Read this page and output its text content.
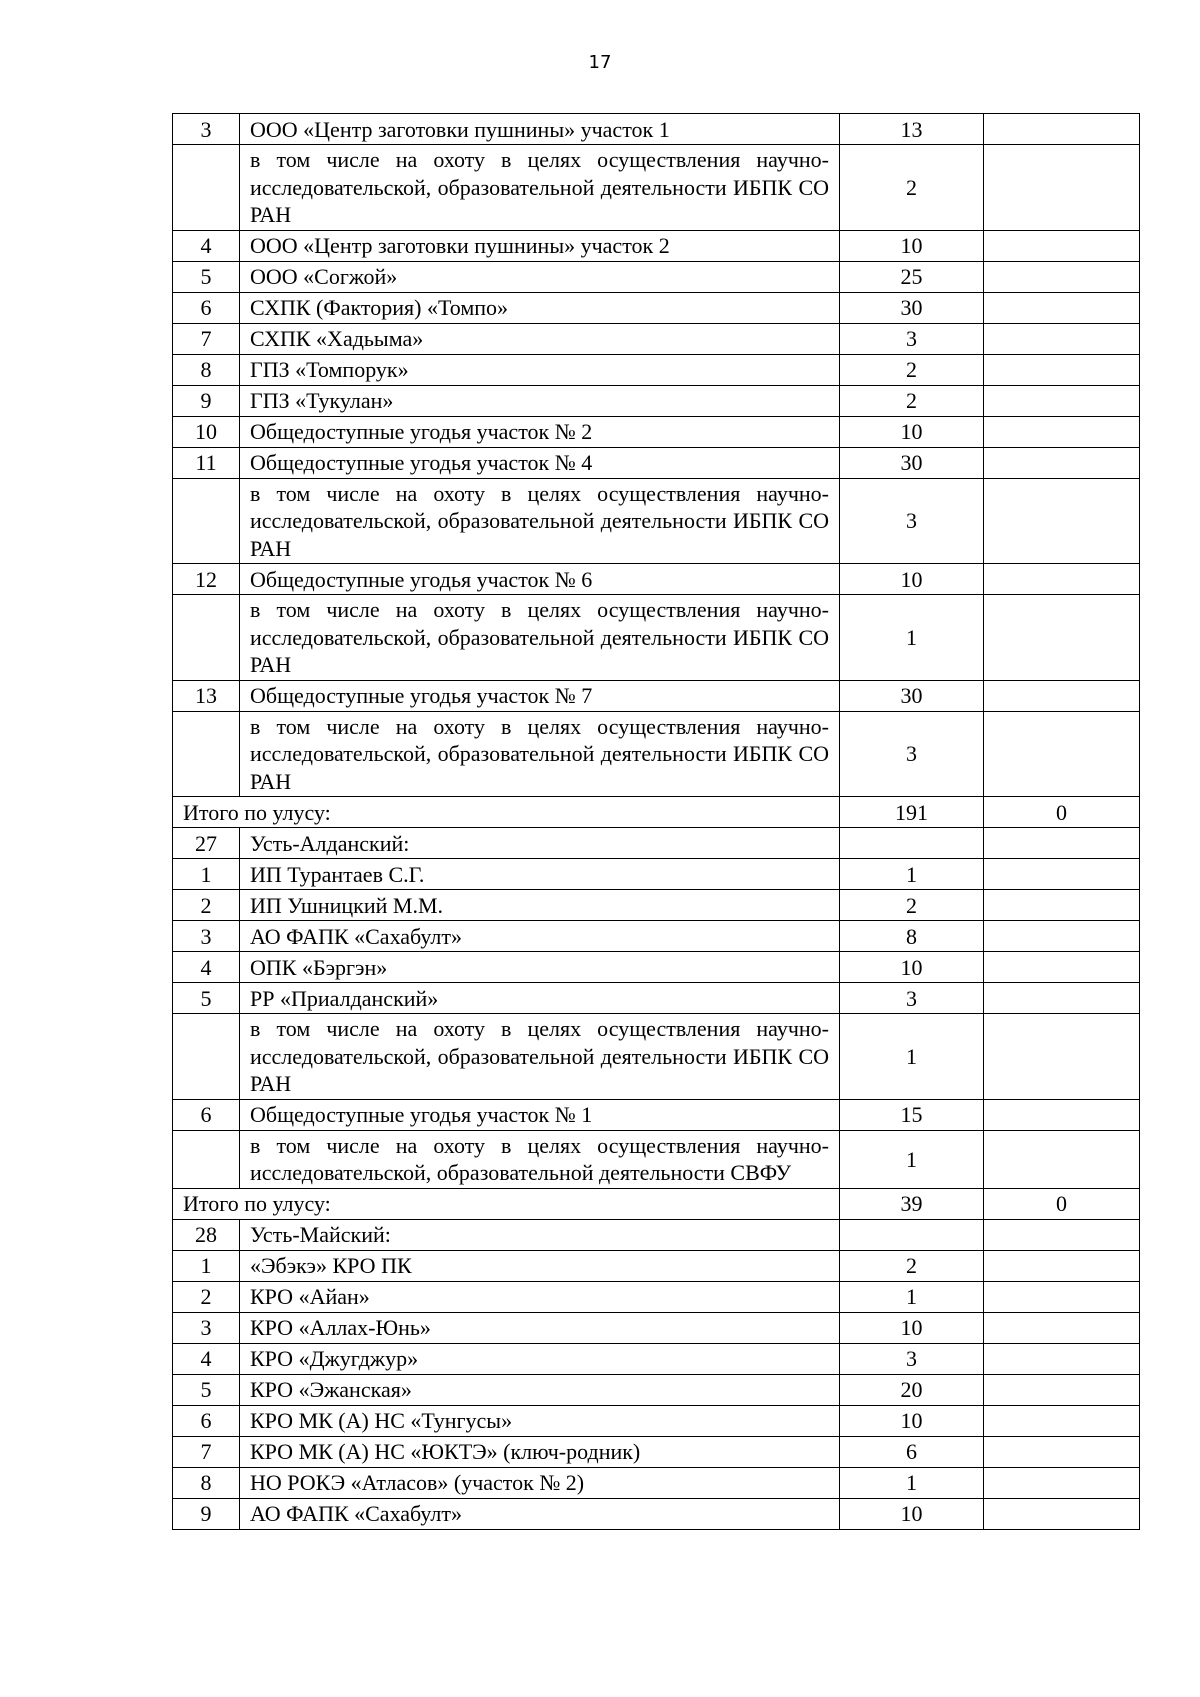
17
3	ООО «Центр заготовки пушнины» участок 1	13	
	в том числе на охоту в целях осуществления научно-исследовательской, образовательной деятельности ИБПК СО РАН	2	
4	ООО «Центр заготовки пушнины» участок 2	10	
5	ООО «Согжой»	25	
6	СХПК (Фактория) «Томпо»	30	
7	СХПК «Хадьыма»	3	
8	ГПЗ «Томпорук»	2	
9	ГПЗ «Тукулан»	2	
10	Общедоступные угодья участок № 2	10	
11	Общедоступные угодья участок № 4	30	
	в том числе на охоту в целях осуществления научно-исследовательской, образовательной деятельности ИБПК СО РАН	3	
12	Общедоступные угодья участок № 6	10	
	в том числе на охоту в целях осуществления научно-исследовательской, образовательной деятельности ИБПК СО РАН	1	
13	Общедоступные угодья участок № 7	30	
	в том числе на охоту в целях осуществления научно-исследовательской, образовательной деятельности ИБПК СО РАН	3	
Итого по улусу:		191	0
27	Усть-Алданский:		
1	ИП Турантаев С.Г.	1	
2	ИП Ушницкий М.М.	2	
3	АО ФАПК «Сахабулт»	8	
4	ОПК «Бэргэн»	10	
5	РР «Приалданский»	3	
	в том числе на охоту в целях осуществления научно-исследовательской, образовательной деятельности ИБПК СО РАН	1	
6	Общедоступные угодья участок № 1	15	
	в том числе на охоту в целях осуществления научно-исследовательской, образовательной деятельности СВФУ	1	
Итого по улусу:		39	0
28	Усть-Майский:		
1	«Эбэкэ» КРО ПК	2	
2	КРО «Айан»	1	
3	КРО «Аллах-Юнь»	10	
4	КРО «Джугджур»	3	
5	КРО «Эжанская»	20	
6	КРО МК (А) НС «Тунгусы»	10	
7	КРО МК (А) НС «ЮКТЭ» (ключ-родник)	6	
8	НО РОКЭ «Атласов» (участок № 2)	1	
9	АО ФАПК «Сахабулт»	10	
